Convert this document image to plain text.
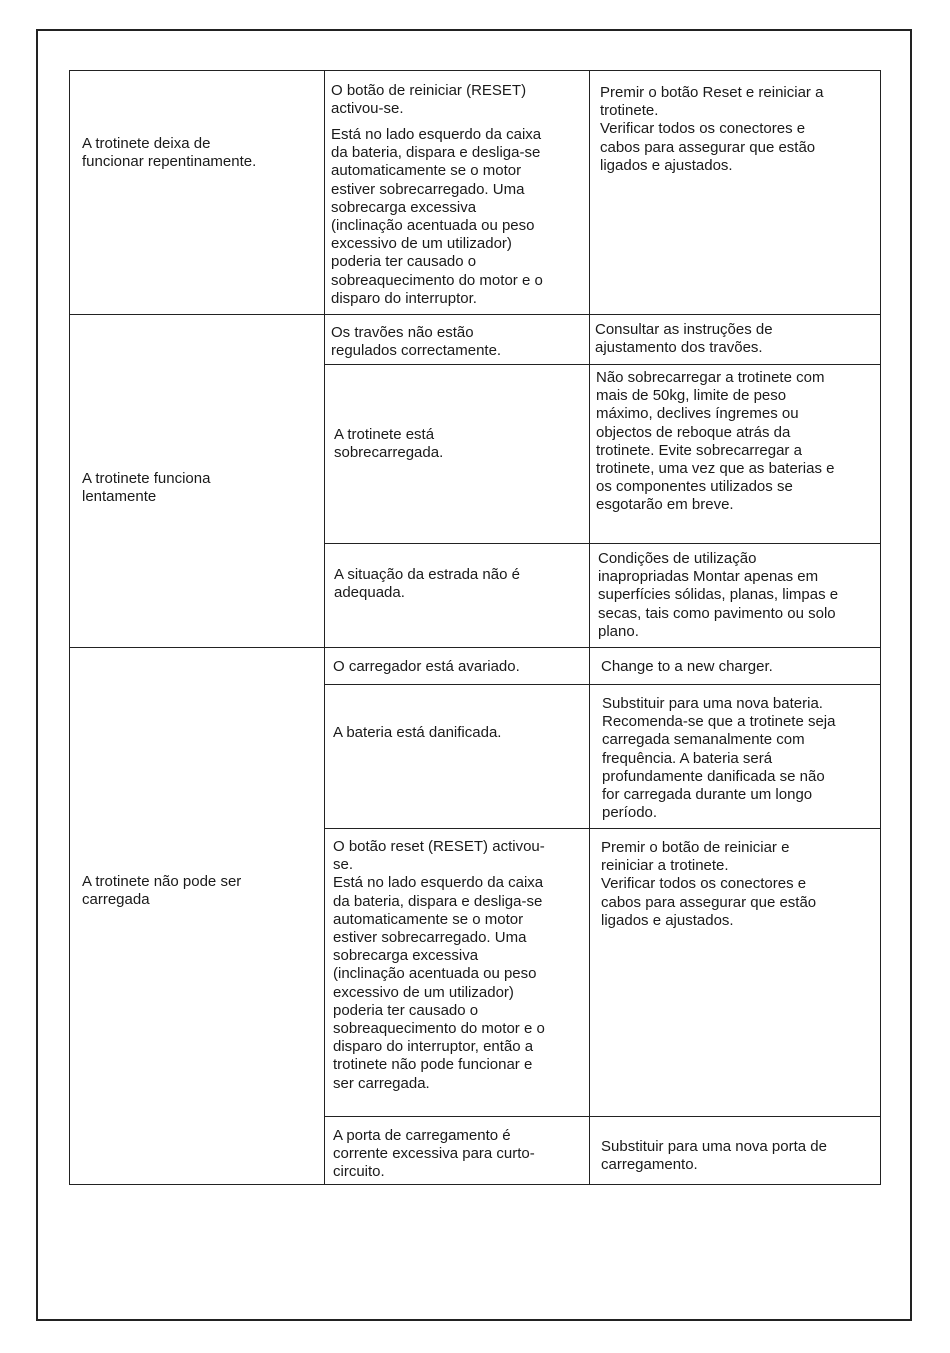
A trotinete deixa de
funcionar repentinamente.
O botão de reiniciar (RESET)
activou-se.
Está no lado esquerdo da caixa
da bateria, dispara e desliga-se
automaticamente se o motor
estiver sobrecarregado. Uma
sobrecarga excessiva
(inclinação acentuada ou peso
excessivo de um utilizador)
poderia ter causado o
sobreaquecimento do motor e o
disparo do interruptor.
Premir o botão Reset e reiniciar a
trotinete.
Verificar todos os conectores e
cabos para assegurar que estão
ligados e ajustados.
A trotinete funciona
lentamente
Os travões não estão
regulados correctamente.
Consultar as instruções de
ajustamento dos travões.
A trotinete está
sobrecarregada.
Não sobrecarregar a trotinete com
mais de 50kg, limite de peso
máximo, declives íngremes ou
objectos de reboque atrás da
trotinete. Evite sobrecarregar a
trotinete, uma vez que as baterias e
os componentes utilizados se
esgotarão em breve.
A situação da estrada não é
adequada.
Condições de utilização
inapropriadas Montar apenas em
superfícies sólidas, planas, limpas e
secas, tais como pavimento ou solo
plano.
A trotinete não pode ser
carregada
O carregador está avariado.	Change to a new charger.
A bateria está danificada.
Substituir para uma nova bateria.
Recomenda-se que a trotinete seja
carregada semanalmente com
frequência. A bateria será
profundamente danificada se não
for carregada durante um longo
período.
O botão reset (RESET) activou-
se.
Está no lado esquerdo da caixa
da bateria, dispara e desliga-se
automaticamente se o motor
estiver sobrecarregado. Uma
sobrecarga excessiva
(inclinação acentuada ou peso
excessivo de um utilizador)
poderia ter causado o
sobreaquecimento do motor e o
disparo do interruptor, então a
trotinete não pode funcionar e
ser carregada.
Premir o botão de reiniciar e
reiniciar a trotinete.
Verificar todos os conectores e
cabos para assegurar que estão
ligados e ajustados.
A porta de carregamento é
corrente excessiva para curto-
circuito.
Substituir para uma nova porta de
carregamento.
